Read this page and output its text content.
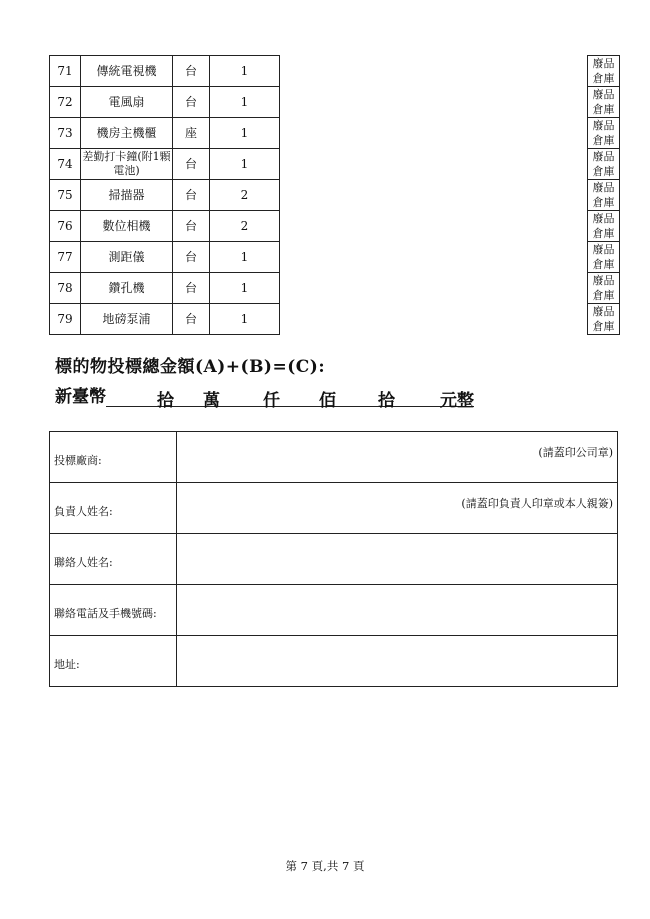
71	傳統電視機	台	1		廢品倉庫	
72	電風扇	台	1		廢品倉庫	
73	機房主機櫃	座	1		廢品倉庫	
74	差勤打卡鐘(附1顆電池)	台	1		廢品倉庫	
75	掃描器	台	2		廢品倉庫	
76	數位相機	台	2		廢品倉庫	
77	測距儀	台	1		廢品倉庫	
78	鑽孔機	台	1		廢品倉庫	
79	地磅泵浦	台	1		廢品倉庫	
標的物投標總金額(A)+(B)=(C):
新臺幣	拾 萬	仟 佰 拾	元整
投標廠商:	(請蓋印公司章)
負責人姓名:	(請蓋印負責人印章或本人親簽)
聯絡人姓名:	
聯絡電話及手機號碼:	
地址:	
第 7 頁,共 7 頁
